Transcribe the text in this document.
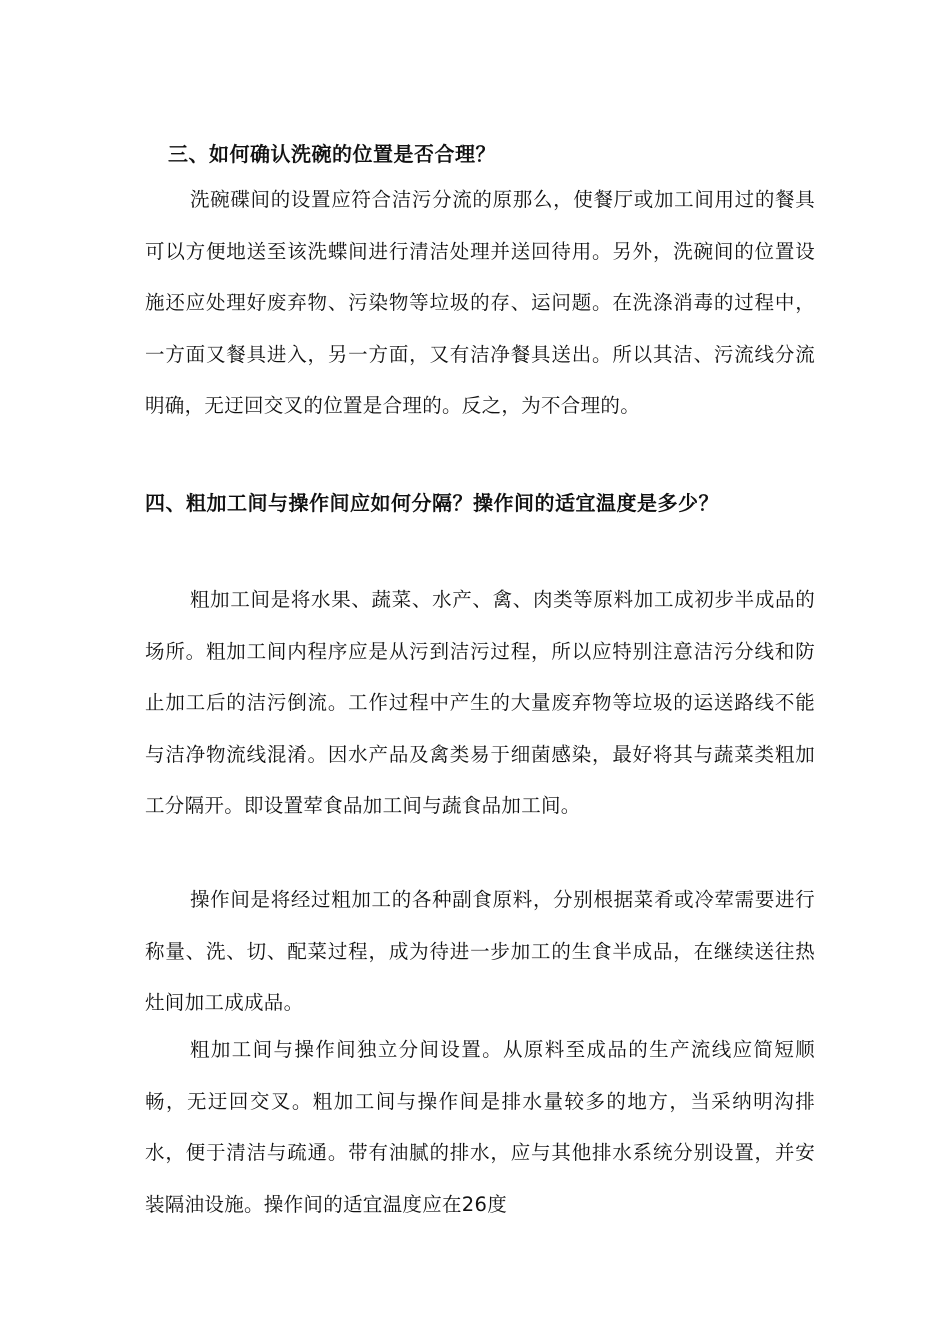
三、如何确认洗碗的位置是否合理？
洗碗碟间的设置应符合洁污分流的原那么，使餐厅或加工间用过的餐具可以方便地送至该洗蝶间进行清洁处理并送回待用。另外，洗碗间的位置设施还应处理好废弃物、污染物等垃圾的存、运问题。在洗涤消毒的过程中，一方面又餐具进入，另一方面，又有洁净餐具送出。所以其洁、污流线分流明确，无迂回交叉的位置是合理的。反之，为不合理的。
四、粗加工间与操作间应如何分隔？操作间的适宜温度是多少？
粗加工间是将水果、蔬菜、水产、禽、肉类等原料加工成初步半成品的场所。粗加工间内程序应是从污到洁污过程，所以应特别注意洁污分线和防止加工后的洁污倒流。工作过程中产生的大量废弃物等垃圾的运送路线不能与洁净物流线混淆。因水产品及禽类易于细菌感染，最好将其与蔬菜类粗加工分隔开。即设置荤食品加工间与蔬食品加工间。
操作间是将经过粗加工的各种副食原料，分别根据菜肴或冷荤需要进行称量、洗、切、配菜过程，成为待进一步加工的生食半成品，在继续送往热灶间加工成成品。
粗加工间与操作间独立分间设置。从原料至成品的生产流线应简短顺畅，无迂回交叉。粗加工间与操作间是排水量较多的地方，当采纳明沟排水，便于清洁与疏通。带有油腻的排水，应与其他排水系统分别设置，并安装隔油设施。操作间的适宜温度应在26度
